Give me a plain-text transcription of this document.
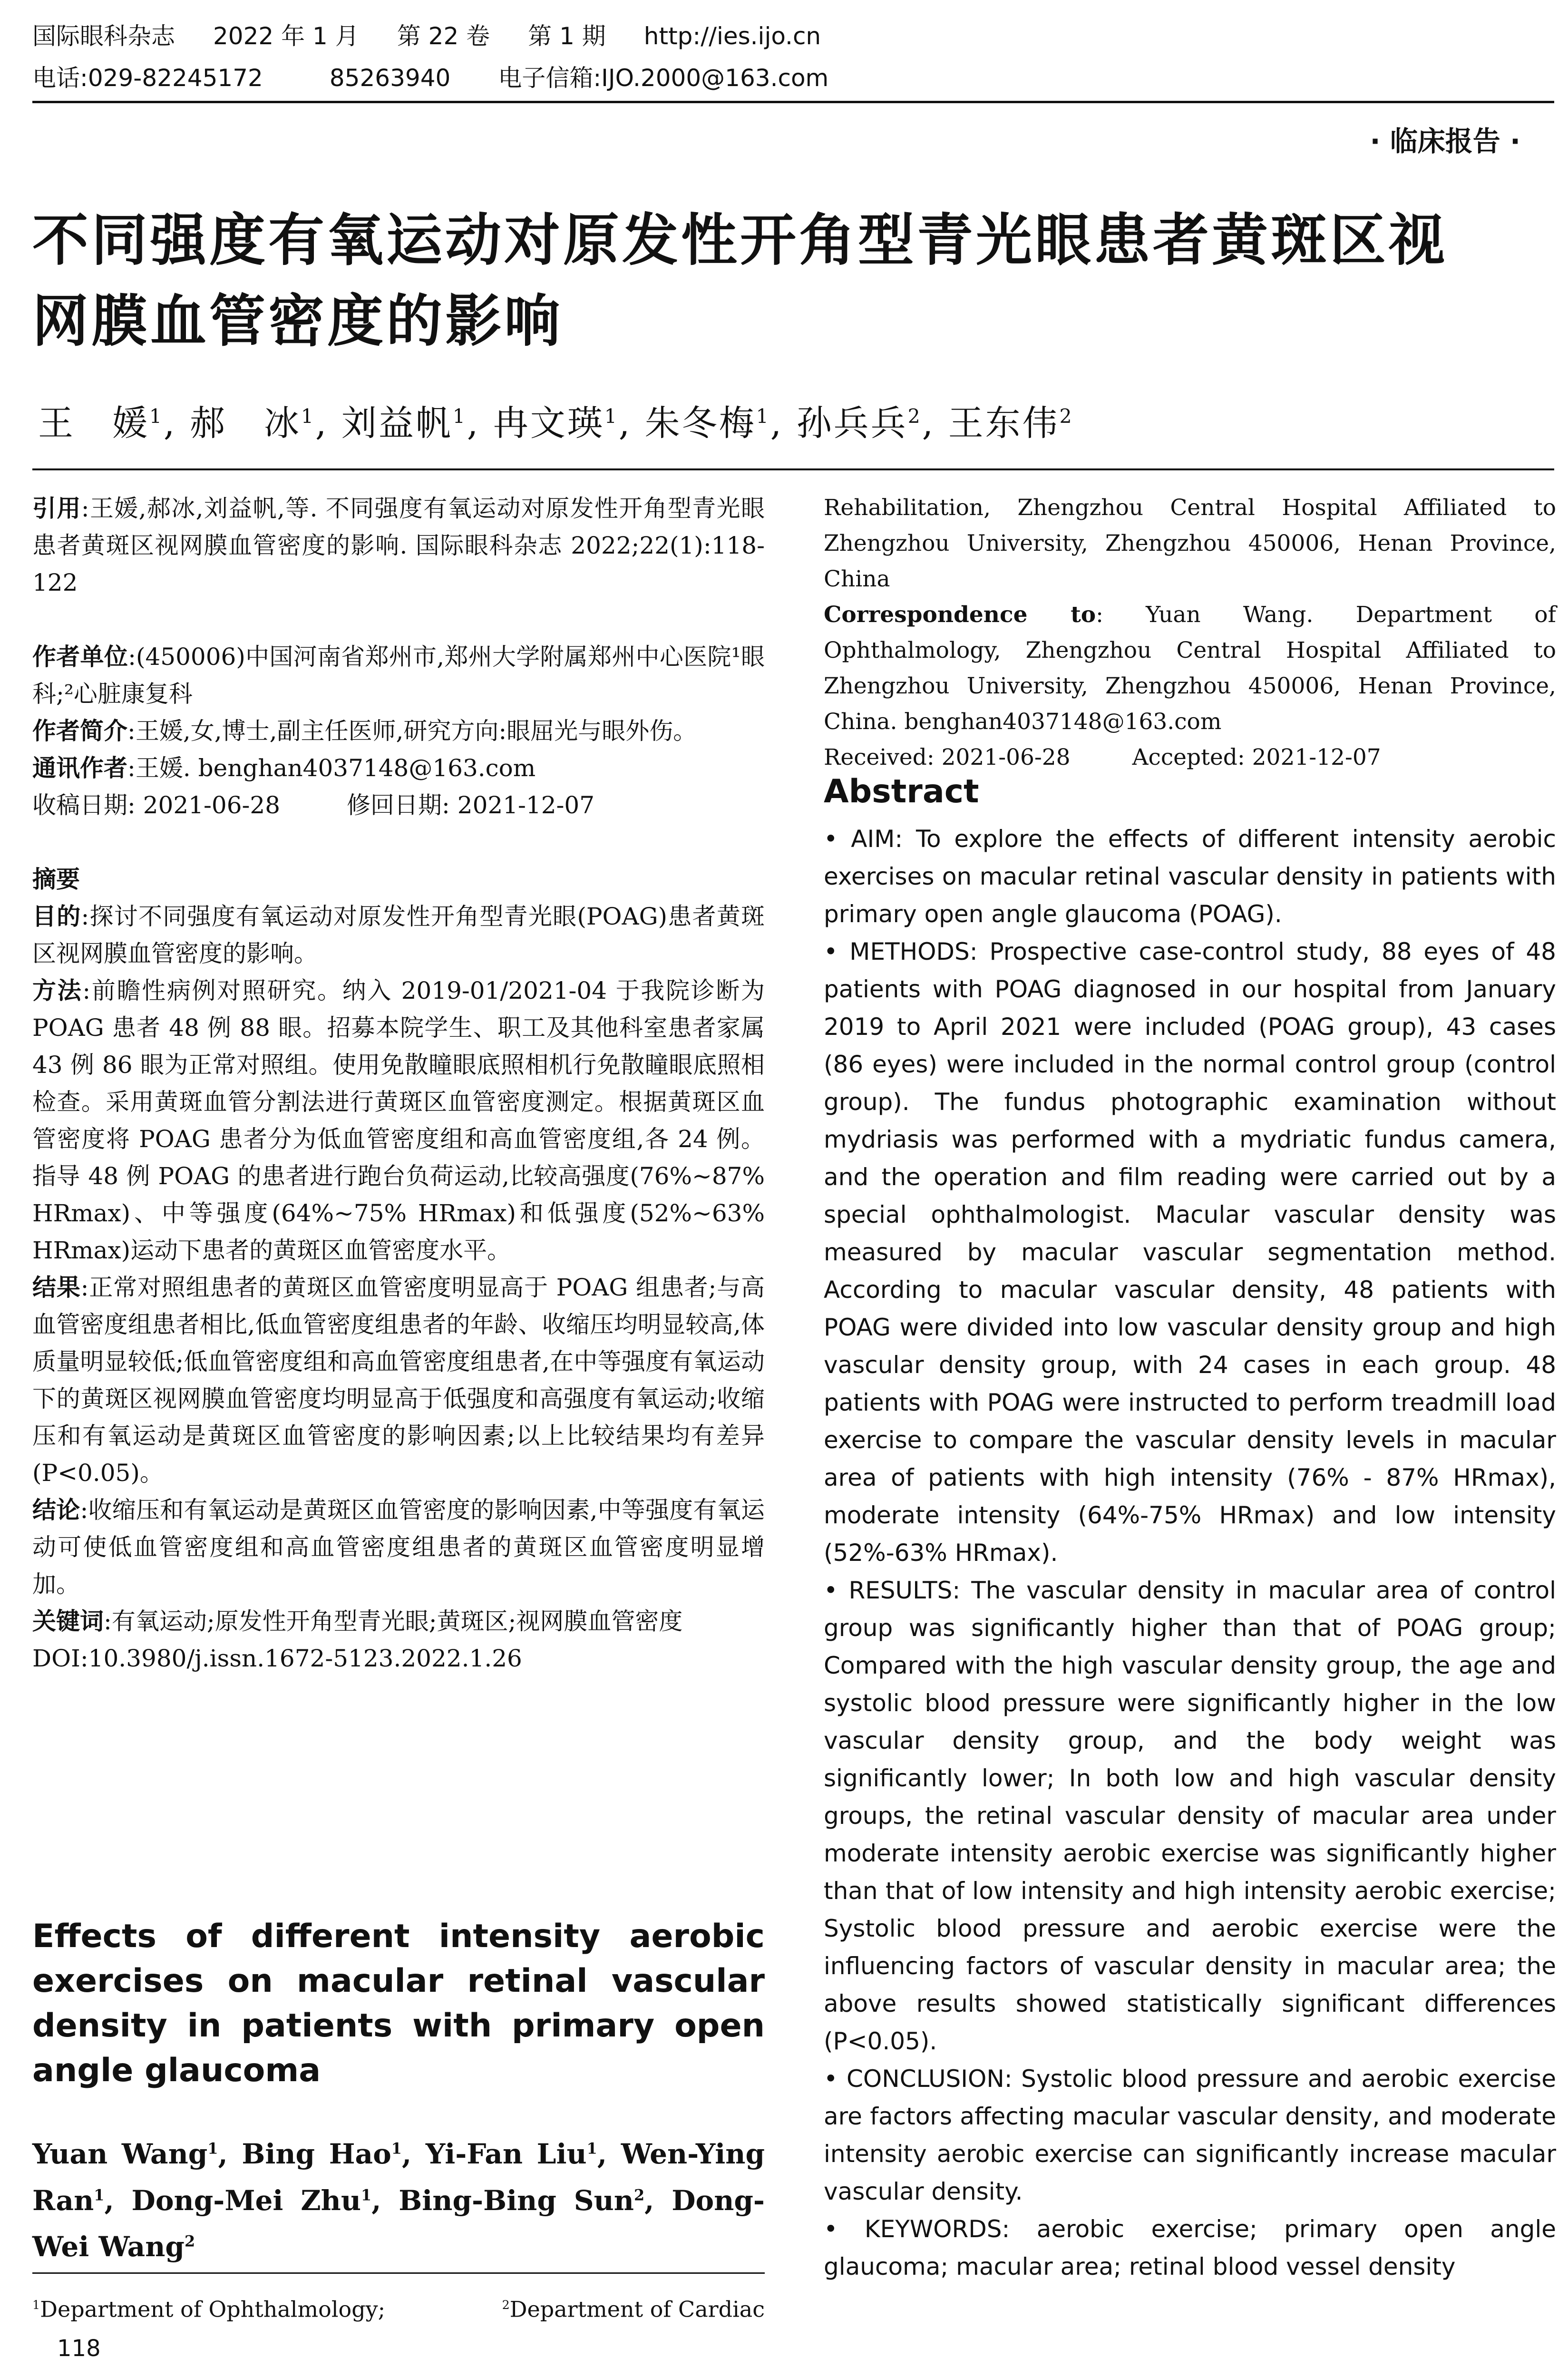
国际眼科杂志 2022 年 1 月 第 22 卷 第 1 期 http://ies.ijo.cn
电话:029-82245172	85263940 电子信箱:IJO.2000@163.com
· 临床报告 ·
不同强度有氧运动对原发性开角型青光眼患者黄斑区视
网膜血管密度的影响
王　媛$^1$, 郝　冰$^1$, 刘益帆$^1$, 冉文瑛$^1$, 朱冬梅$^1$, 孙兵兵$^2$, 王东伟$^2$

引用:王媛,郝冰,刘益帆,等. 不同强度有氧运动对原发性开角型青光眼患者黄斑区视网膜血管密度的影响. 国际眼科杂志 2022;22(1):118-122

作者单位:(450006)中国河南省郑州市,郑州大学附属郑州中心医院¹眼科;²心脏康复科

作者简介:王媛,女,博士,副主任医师,研究方向:眼屈光与眼外伤。

通讯作者:王媛. benghan4037148@163.com

收稿日期: 2021-06-28	修回日期: 2021-12-07

摘要

目的:探讨不同强度有氧运动对原发性开角型青光眼(POAG)患者黄斑区视网膜血管密度的影响。

方法:前瞻性病例对照研究。纳入 2019-01/2021-04 于我院诊断为 POAG 患者 48 例 88 眼。招募本院学生、职工及其他科室患者家属 43 例 86 眼为正常对照组。使用免散瞳眼底照相机行免散瞳眼底照相检查。采用黄斑血管分割法进行黄斑区血管密度测定。根据黄斑区血管密度将 POAG 患者分为低血管密度组和高血管密度组,各 24 例。指导 48 例 POAG 的患者进行跑台负荷运动,比较高强度(76%~87% HRmax)、中等强度(64%~75% HRmax)和低强度(52%~63% HRmax)运动下患者的黄斑区血管密度水平。

结果:正常对照组患者的黄斑区血管密度明显高于 POAG 组患者;与高血管密度组患者相比,低血管密度组患者的年龄、收缩压均明显较高,体质量明显较低;低血管密度组和高血管密度组患者,在中等强度有氧运动下的黄斑区视网膜血管密度均明显高于低强度和高强度有氧运动;收缩压和有氧运动是黄斑区血管密度的影响因素;以上比较结果均有差异(P<0.05)。

结论:收缩压和有氧运动是黄斑区血管密度的影响因素,中等强度有氧运动可使低血管密度组和高血管密度组患者的黄斑区血管密度明显增加。

关键词:有氧运动;原发性开角型青光眼;黄斑区;视网膜血管密度

DOI:10.3980/j.issn.1672-5123.2022.1.26

Effects of different intensity aerobic exercises on macular retinal vascular density in patients with primary open angle glaucoma
Yuan Wang$^1$, Bing Hao$^1$, Yi-Fan Liu$^1$, Wen-Ying Ran$^1$, Dong-Mei Zhu$^1$, Bing-Bing Sun$^2$, Dong-Wei Wang$^2$
$^1$Department of Ophthalmology;	$^2$Department of Cardiac
118

Rehabilitation, Zhengzhou Central Hospital Affiliated to Zhengzhou University, Zhengzhou 450006, Henan Province, China

Correspondence to: Yuan Wang. Department of Ophthalmology, Zhengzhou Central Hospital Affiliated to Zhengzhou University, Zhengzhou 450006, Henan Province, China. benghan4037148@163.com

Received: 2021-06-28	Accepted: 2021-12-07

Abstract

• AIM: To explore the effects of different intensity aerobic exercises on macular retinal vascular density in patients with primary open angle glaucoma (POAG).

• METHODS: Prospective case-control study, 88 eyes of 48 patients with POAG diagnosed in our hospital from January 2019 to April 2021 were included (POAG group), 43 cases (86 eyes) were included in the normal control group (control group). The fundus photographic examination without mydriasis was performed with a mydriatic fundus camera, and the operation and film reading were carried out by a special ophthalmologist. Macular vascular density was measured by macular vascular segmentation method. According to macular vascular density, 48 patients with POAG were divided into low vascular density group and high vascular density group, with 24 cases in each group. 48 patients with POAG were instructed to perform treadmill load exercise to compare the vascular density levels in macular area of patients with high intensity (76% - 87% HRmax), moderate intensity (64%-75% HRmax) and low intensity (52%-63% HRmax).

• RESULTS: The vascular density in macular area of control group was significantly higher than that of POAG group; Compared with the high vascular density group, the age and systolic blood pressure were significantly higher in the low vascular density group, and the body weight was significantly lower; In both low and high vascular density groups, the retinal vascular density of macular area under moderate intensity aerobic exercise was significantly higher than that of low intensity and high intensity aerobic exercise; Systolic blood pressure and aerobic exercise were the influencing factors of vascular density in macular area; the above results showed statistically significant differences (P<0.05).

• CONCLUSION: Systolic blood pressure and aerobic exercise are factors affecting macular vascular density, and moderate intensity aerobic exercise can significantly increase macular vascular density.

• KEYWORDS: aerobic exercise; primary open angle glaucoma; macular area; retinal blood vessel density
